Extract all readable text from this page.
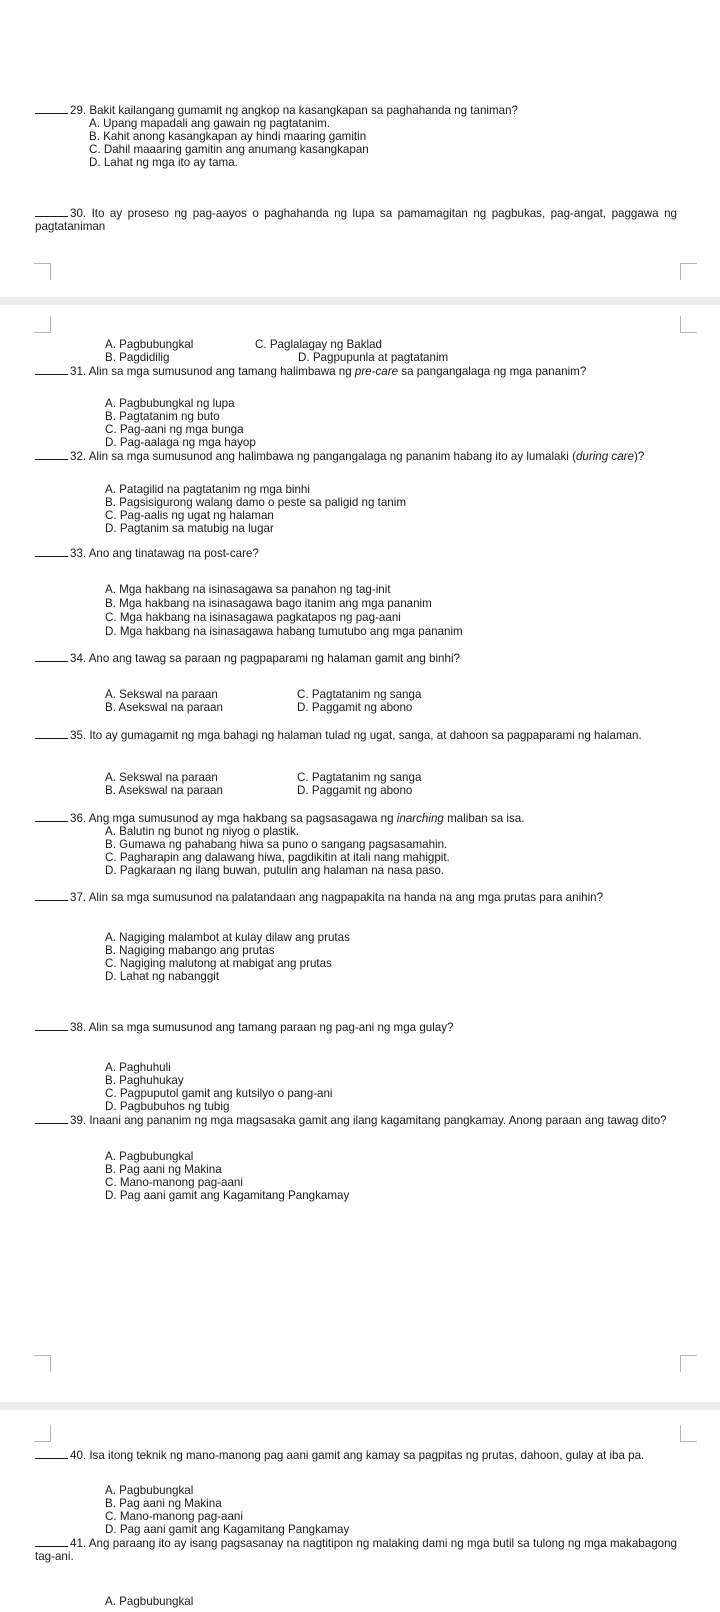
29. Bakit kailangang gumamit ng angkop na kasangkapan sa paghahanda ng taniman?
A. Upang mapadali ang gawain ng pagtatanim.
B. Kahit anong kasangkapan ay hindi maaring gamitin
C. Dahil maaaring gamitin ang anumang kasangkapan
D. Lahat ng mga ito ay tama.
30. Ito ay proseso ng pag-aayos o paghahanda ng lupa sa pamamagitan ng pagbukas, pag-angat, paggawa ng pagtataniman
A. Pagbubungkal	C. Paglalagay ng Baklad
B. Pagdidilig	D. Pagpupunla at pagtatanim
31. Alin sa mga sumusunod ang tamang halimbawa ng pre-care sa pangangalaga ng mga pananim?
A. Pagbubungkal ng lupa
B. Pagtatanim ng buto
C. Pag-aani ng mga bunga
D. Pag-aalaga ng mga hayop
32. Alin sa mga sumusunod ang halimbawa ng pangangalaga ng pananim habang ito ay lumalaki (during care)?
A. Patagilid na pagtatanim ng mga binhi
B. Pagsisigurong walang damo o peste sa paligid ng tanim
C. Pag-aalis ng ugat ng halaman
D. Pagtanim sa matubig na lugar
33. Ano ang tinatawag na post-care?
A. Mga hakbang na isinasagawa sa panahon ng tag-init
B. Mga hakbang na isinasagawa bago itanim ang mga pananim
C. Mga hakbang na isinasagawa pagkatapos ng pag-aani
D. Mga hakbang na isinasagawa habang tumutubo ang mga pananim
34. Ano ang tawag sa paraan ng pagpaparami ng halaman gamit ang binhi?
A. Sekswal na paraan	C. Pagtatanim ng sanga
B. Asekswal na paraan	D. Paggamit ng abono
35. Ito ay gumagamit ng mga bahagi ng halaman tulad ng ugat, sanga, at dahoon sa pagpaparami ng halaman.
A. Sekswal na paraan	C. Pagtatanim ng sanga
B. Asekswal na paraan	D. Paggamit ng abono
36. Ang mga sumusunod ay mga hakbang sa pagsasagawa ng inarching maliban sa isa.
A. Balutin ng bunot ng niyog o plastik.
B. Gumawa ng pahabang hiwa sa puno o sangang pagsasamahin.
C. Pagharapin ang dalawang hiwa, pagdikitin at itali nang mahigpit.
D. Pagkaraan ng ilang buwan, putulin ang halaman na nasa paso.
37. Alin sa mga sumusunod na palatandaan ang nagpapakita na handa na ang mga prutas para anihin?
A. Nagiging malambot at kulay dilaw ang prutas
B. Nagiging mabango ang prutas
C. Nagiging malutong at mabigat ang prutas
D. Lahat ng nabanggit
38. Alin sa mga sumusunod ang tamang paraan ng pag-ani ng mga gulay?
A. Paghuhuli
B. Paghuhukay
C. Pagpuputol gamit ang kutsilyo o pang-ani
D. Pagbubuhos ng tubig
39. Inaani ang pananim ng mga magsasaka gamit ang ilang kagamitang pangkamay. Anong paraan ang tawag dito?
A. Pagbubungkal
B. Pag aani ng Makina
C. Mano-manong pag-aani
D. Pag aani gamit ang Kagamitang Pangkamay
40. Isa itong teknik ng mano-manong pag aani gamit ang kamay sa pagpitas ng prutas, dahoon, gulay at iba pa.
A. Pagbubungkal
B. Pag aani ng Makina
C. Mano-manong pag-aani
D. Pag aani gamit ang Kagamitang Pangkamay
41. Ang paraang ito ay isang pagsasanay na nagtitipon ng malaking dami ng mga butil sa tulong ng mga makabagong tag-ani.
A. Pagbubungkal
